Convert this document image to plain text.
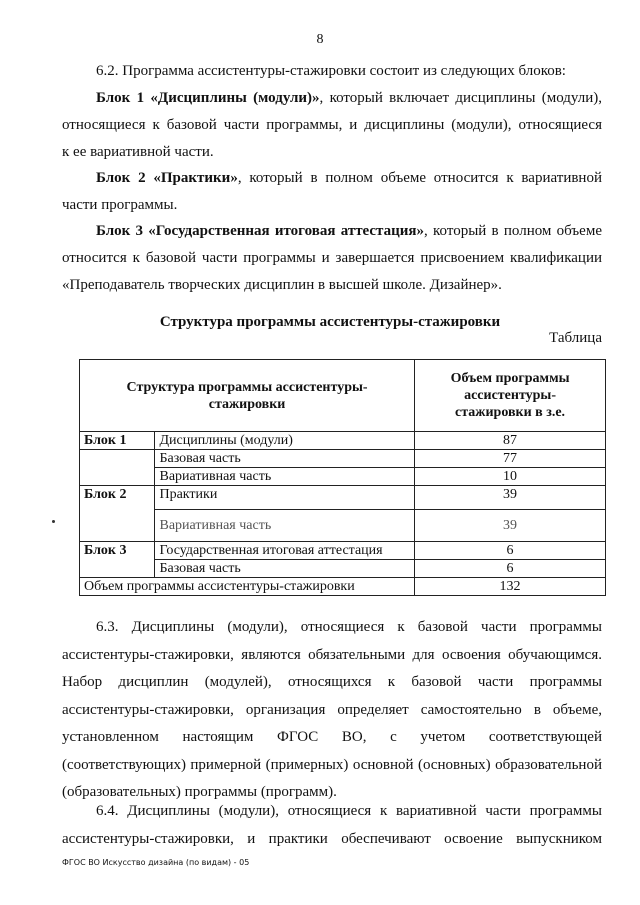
8

6.2. Программа ассистентуры-стажировки состоит из следующих блоков:

Блок 1 «Дисциплины (модули)», который включает дисциплины (модули),
относящиеся к базовой части программы, и дисциплины (модули), относящиеся
к ее вариативной части.
Блок 2 «Практики», который в полном объеме относится к вариативной
части программы.
Блок 3 «Государственная итоговая аттестация», который в полном объеме
относится к базовой части программы и завершается присвоением квалификации
«Преподаватель творческих дисциплин в высшей школе. Дизайнер».
Структура программы ассистентуры-стажировки
Таблица
Структура программы ассистентуры-стажировки		Объем программы ассистентуры-стажировки в з.е.
Блок 1	Дисциплины (модули)	87
	Базовая часть	77
	Вариативная часть	10
Блок 2	Практики	39
	Вариативная часть	39
Блок 3	Государственная итоговая аттестация	6
	Базовая часть	6
Объем программы ассистентуры-стажировки		132
6.3. Дисциплины (модули), относящиеся к базовой части программы
ассистентуры-стажировки, являются обязательными для освоения обучающимся.
Набор дисциплин (модулей), относящихся к базовой части программы
ассистентуры-стажировки, организация определяет самостоятельно в объеме,
установленном настоящим ФГОС ВО, с учетом соответствующей
(соответствующих) примерной (примерных) основной (основных) образовательной
(образовательных) программы (программ).
6.4. Дисциплины (модули), относящиеся к вариативной части программы
ассистентуры-стажировки, и практики обеспечивают освоение выпускником
ФГОС ВО Искусство дизайна (по видам) - 05
